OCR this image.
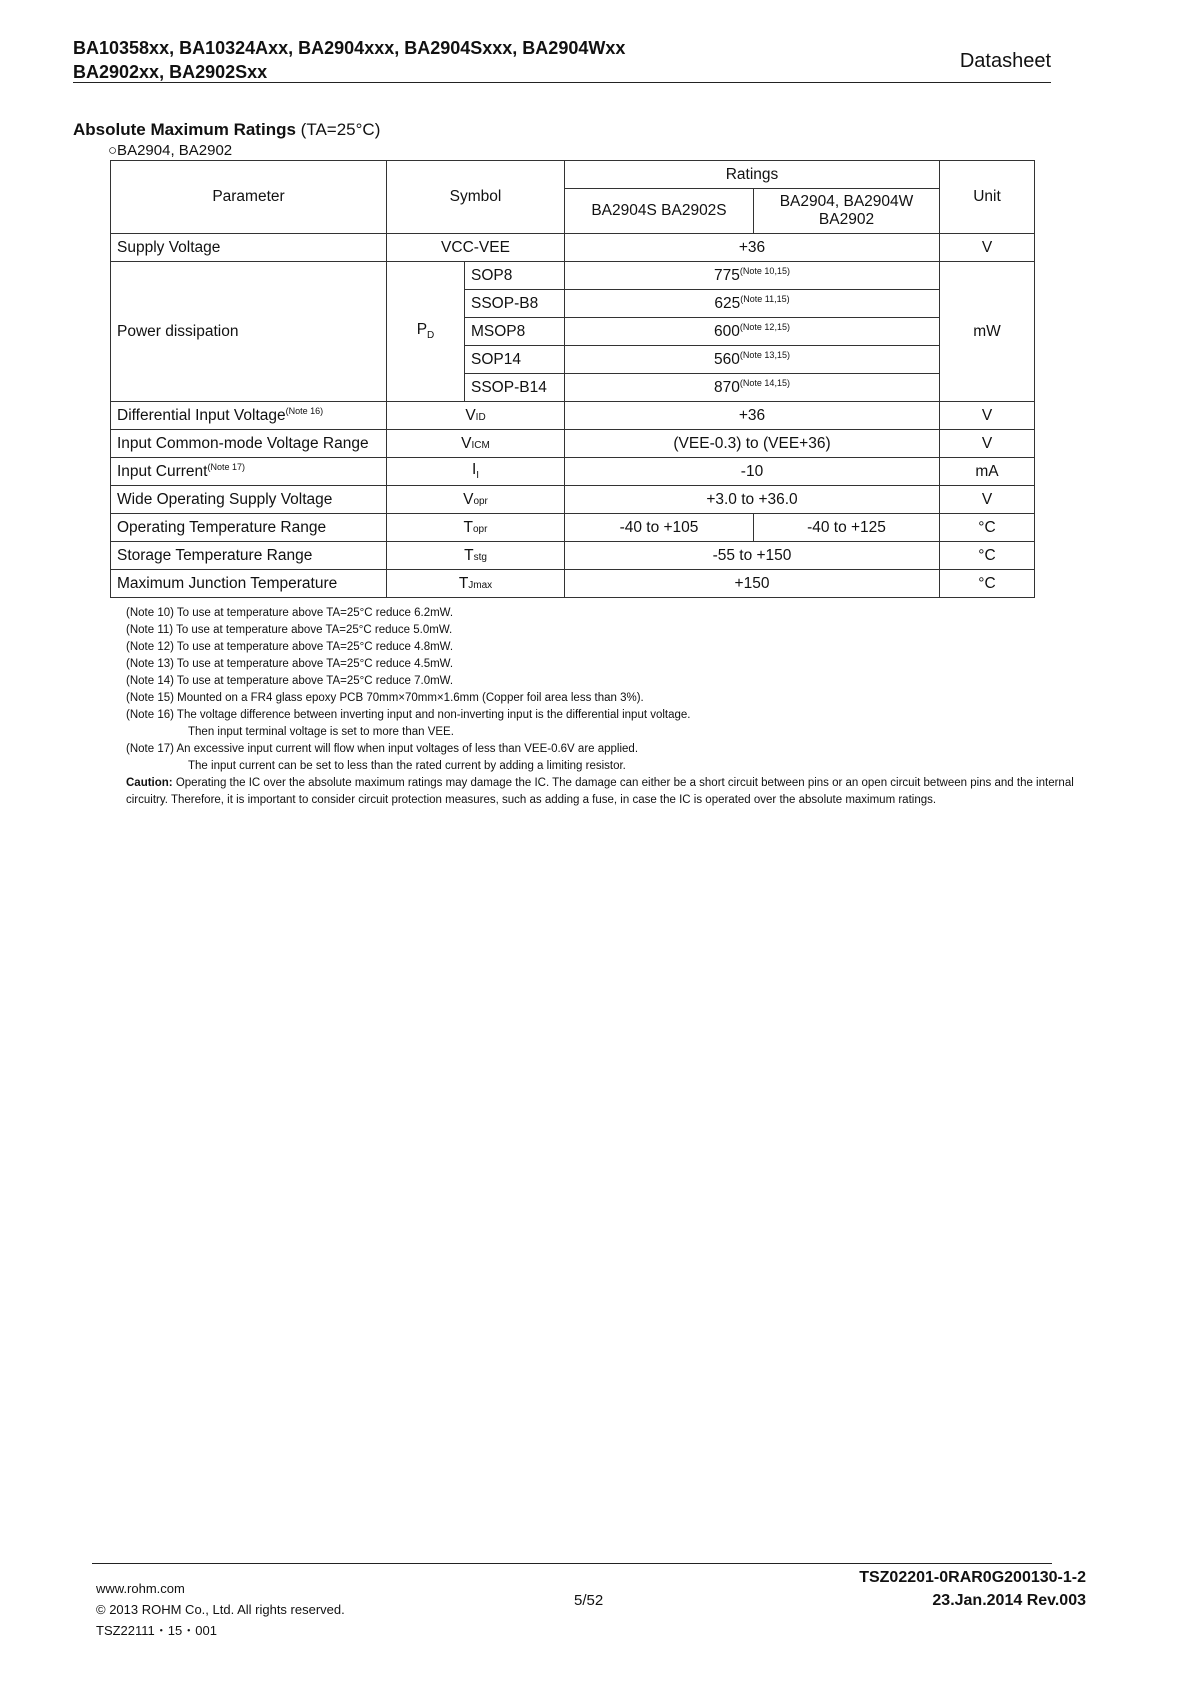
BA10358xx, BA10324Axx, BA2904xxx, BA2904Sxxx, BA2904Wxx
BA2902xx, BA2902Sxx	Datasheet
Absolute Maximum Ratings (TA=25°C)
○BA2904, BA2902
Parameter	Symbol		Ratings		Unit
			BA2904S BA2902S	BA2904, BA2904W BA2902	
Supply Voltage	VCC-VEE		+36		V
Power dissipation	$P_D$	SOP8	$775^{(Note 10,15)}$		mW
		SSOP-B8	$625^{(Note 11,15)}$
		MSOP8	$600^{(Note 12,15)}$
		SOP14	$560^{(Note 13,15)}$
		SSOP-B14	$870^{(Note 14,15)}$
Differential Input Voltage$^{(Note 16)}$	VID		+36		V
Input Common-mode Voltage Range	VICM		(VEE-0.3) to (VEE+36)		V
Input Current$^{(Note 17)}$	$I_I$		-10		mA
Wide Operating Supply Voltage	Vopr		+3.0 to +36.0		V
Operating Temperature Range	Topr		-40 to +105	-40 to +125	°C
Storage Temperature Range	Tstg		-55 to +150		°C
Maximum Junction Temperature	TJmax		+150		°C
(Note 10) To use at temperature above TA=25°C reduce 6.2mW.
(Note 11) To use at temperature above TA=25°C reduce 5.0mW.
(Note 12) To use at temperature above TA=25°C reduce 4.8mW.
(Note 13) To use at temperature above TA=25°C reduce 4.5mW.
(Note 14) To use at temperature above TA=25°C reduce 7.0mW.
(Note 15) Mounted on a FR4 glass epoxy PCB 70mm×70mm×1.6mm (Copper foil area less than 3%).
(Note 16) The voltage difference between inverting input and non-inverting input is the differential input voltage.
Then input terminal voltage is set to more than VEE.
(Note 17) An excessive input current will flow when input voltages of less than VEE-0.6V are applied.
The input current can be set to less than the rated current by adding a limiting resistor.
Caution: Operating the IC over the absolute maximum ratings may damage the IC. The damage can either be a short circuit between pins or an open circuit between pins and the internal circuitry. Therefore, it is important to consider circuit protection measures, such as adding a fuse, in case the IC is operated over the absolute maximum ratings.
www.rohm.com
© 2013 ROHM Co., Ltd. All rights reserved.
TSZ22111・15・001
5/52
TSZ02201-0RAR0G200130-1-2
23.Jan.2014 Rev.003
